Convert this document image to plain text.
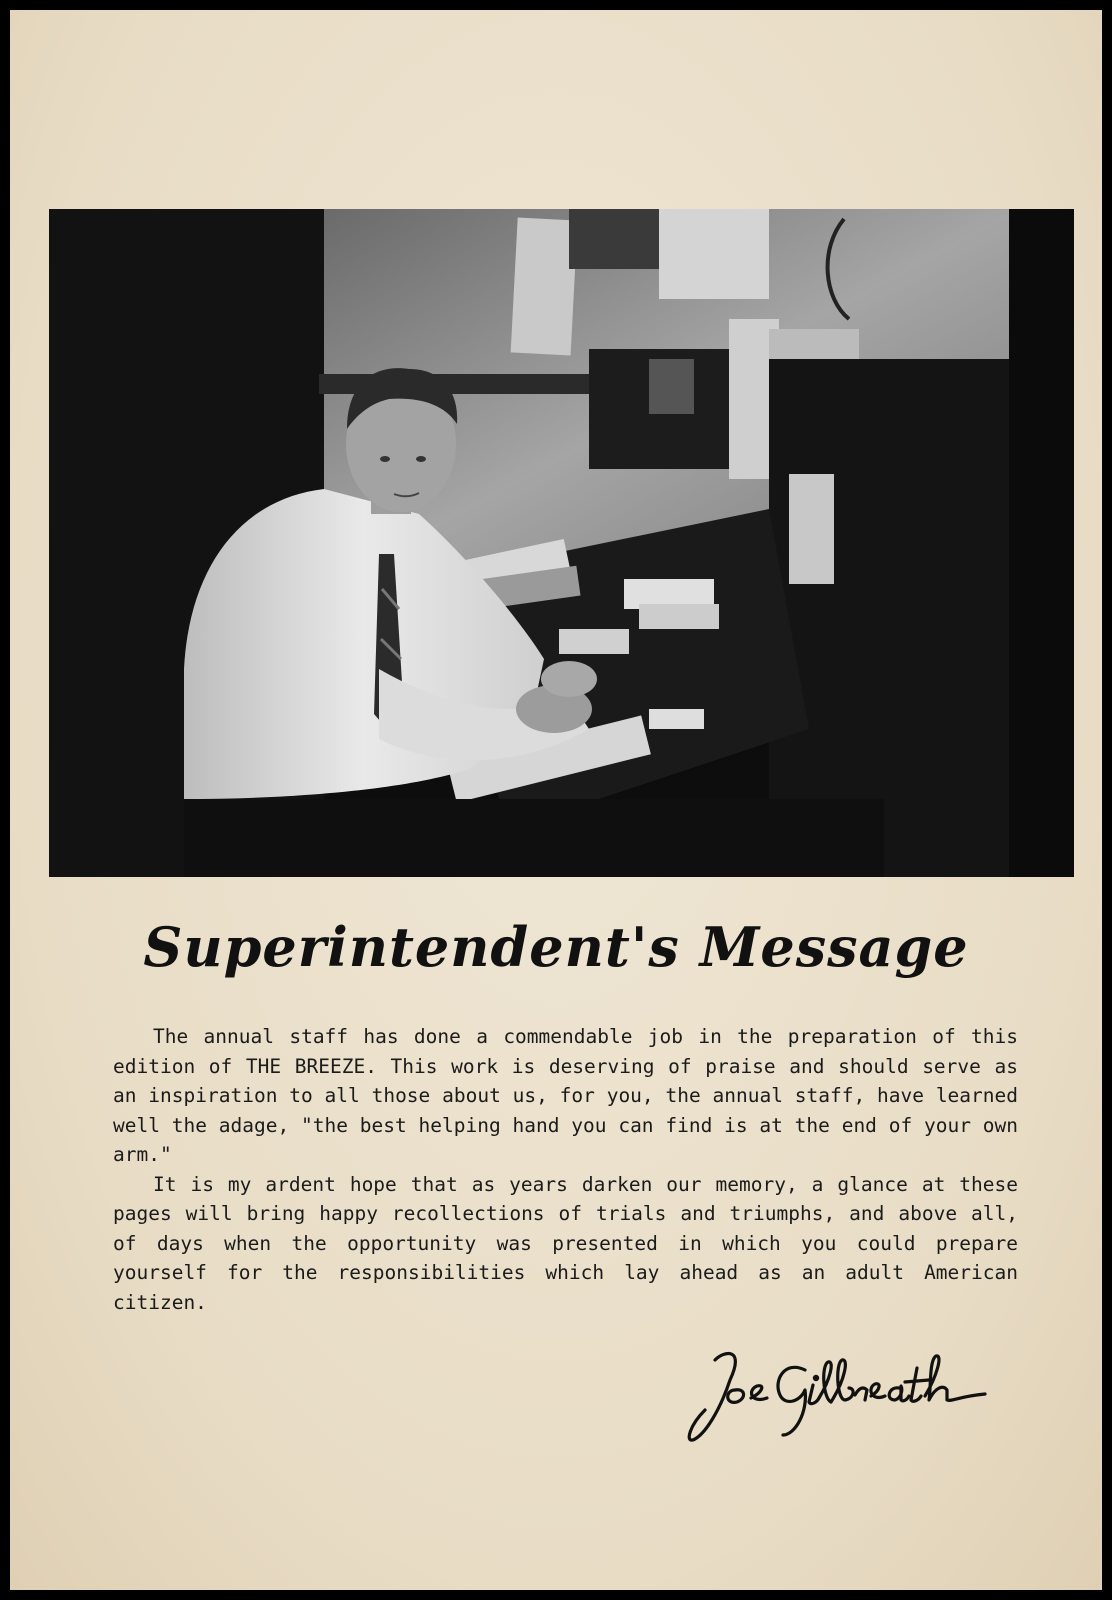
Superintendent's Message

The annual staff has done a commendable job in the preparation of this edition of THE BREEZE. This work is deserving of praise and should serve as an inspiration to all those about us, for you, the annual staff, have learned well the adage, "the best helping hand you can find is at the end of your own arm."

It is my ardent hope that as years darken our memory, a glance at these pages will bring happy recollections of trials and triumphs, and above all, of days when the opportunity was presented in which you could prepare yourself for the responsibilities which lay ahead as an adult American citizen.
